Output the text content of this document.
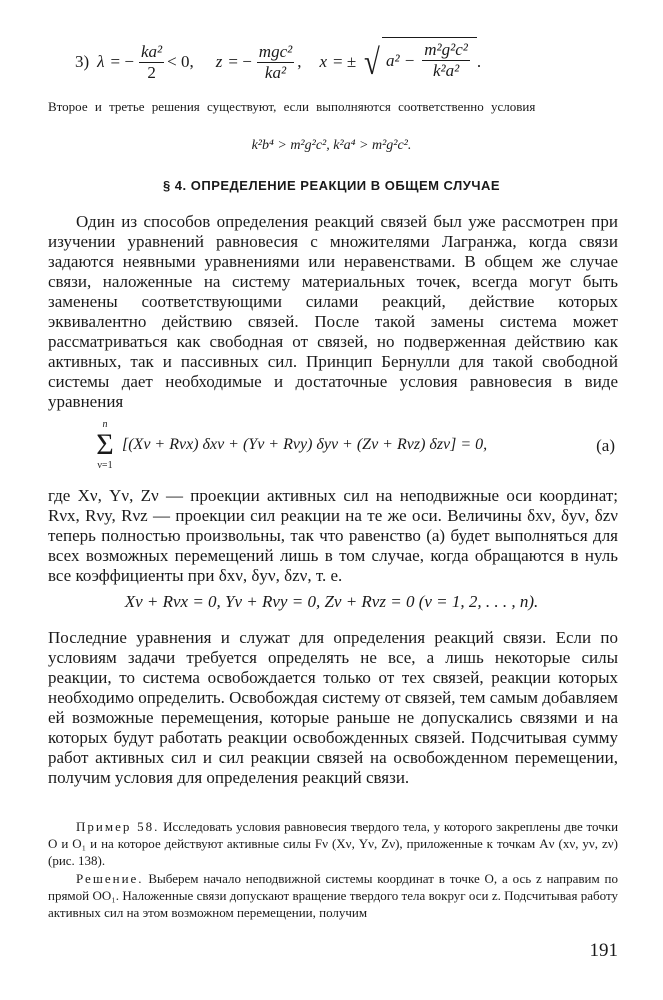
3) λ = − $\frac{\text{ka²}}{2} < 0$, z = − $\frac{\text{mgc²}}{\text{ka²}}$ , x = ± √ $a^2 - \frac{\text{m²g²c²}}{\text{k²a²}}$ .
Второе и третье решения существуют, если выполняются соответственно условия
k²b⁴ > m²g²c², k²a⁴ > m²g²c².
§ 4. ОПРЕДЕЛЕНИЕ РЕАКЦИИ В ОБЩЕМ СЛУЧАЕ
Один из способов определения реакций связей был уже рассмотрен при изучении уравнений равновесия с множителями Лагранжа, когда связи задаются неявными уравнениями или неравенствами. В общем же случае связи, наложенные на систему материальных точек, всегда могут быть заменены соответствующими силами реакций, действие которых эквивалентно действию связей. После такой замены система может рассматриваться как свободная от связей, но подверженная действию как активных, так и пассивных сил. Принцип Бернулли для такой свободной системы дает необходимые и достаточные условия равновесия в виде уравнения
n
Σ
ν=1
[(Xν + Rνx) δxν + (Yν + Rνy) δyν + (Zν + Rνz) δzν] = 0,	(a)
где Xν, Yν, Zν — проекции активных сил на неподвижные оси координат; Rνx, Rνy, Rνz — проекции сил реакции на те же оси. Величины δxν, δyν, δzν теперь полностью произвольны, так что равенство (а) будет выполняться для всех возможных перемещений лишь в том случае, когда обращаются в нуль все коэффициенты при δxν, δyν, δzν, т. е.
Xν + Rνx = 0, Yν + Rνy = 0, Zν + Rνz = 0 (ν = 1, 2, . . . , n).
Последние уравнения и служат для определения реакций связи. Если по условиям задачи требуется определять не все, а лишь некоторые силы реакции, то система освобождается только от тех связей, реакции которых необходимо определить. Освобождая систему от связей, тем самым добавляем ей возможные перемещения, которые раньше не допускались связями и на которых будут работать реакции освобожденных связей. Подсчитывая сумму работ активных сил и сил реакции связей на освобожденном перемещении, получим условия для определения реакций связи.
Пример 58. Исследовать условия равновесия твердого тела, у которого закреплены две точки O и O₁ и на которое действуют активные силы Fν (Xν, Yν, Zν), приложенные к точкам Aν (xν, yν, zν) (рис. 138).
Решение. Выберем начало неподвижной системы координат в точке O, а ось z направим по прямой OO₁. Наложенные связи допускают вращение твердого тела вокруг оси z. Подсчитывая работу активных сил на этом возможном перемещении, получим
191
